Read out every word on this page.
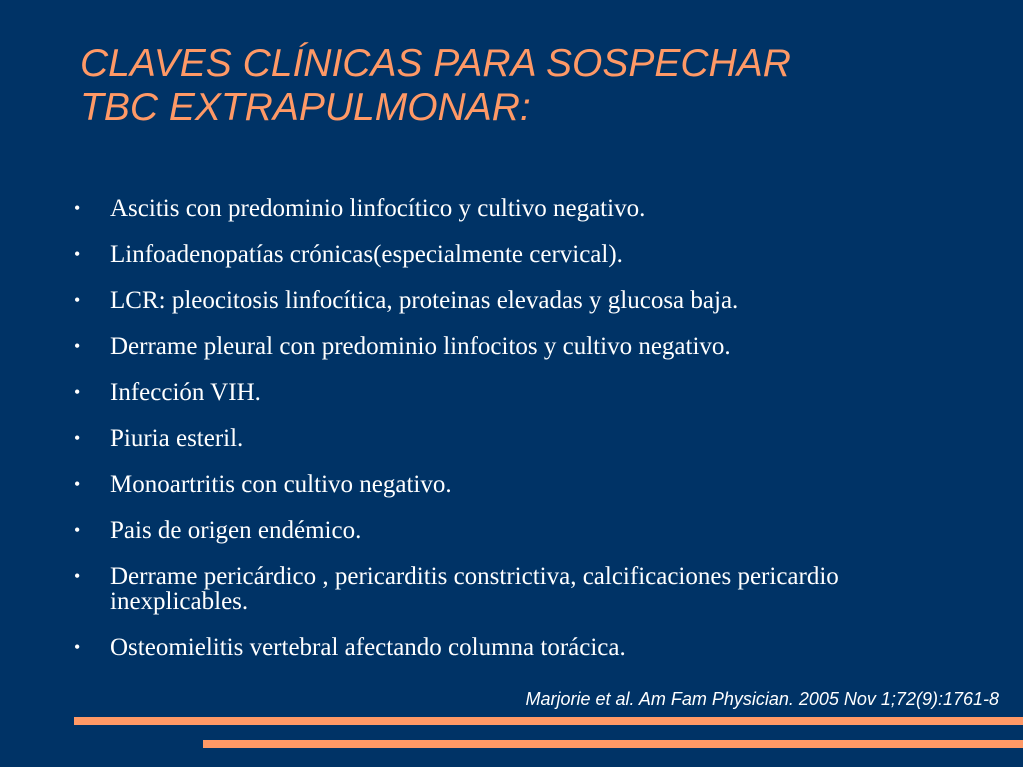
CLAVES CLÍNICAS PARA SOSPECHAR
TBC EXTRAPULMONAR:
• Ascitis con predominio linfocítico y cultivo negativo.
• Linfoadenopatías crónicas(especialmente cervical).
• LCR: pleocitosis linfocítica, proteinas elevadas y glucosa baja.
• Derrame pleural con predominio linfocitos y cultivo negativo.
• Infección VIH.
• Piuria esteril.
• Monoartritis con cultivo negativo.
• Pais de origen endémico.
• Derrame pericárdico , pericarditis constrictiva, calcificaciones pericardio inexplicables.
• Osteomielitis vertebral afectando columna torácica.
Marjorie et al. Am Fam Physician. 2005 Nov 1;72(9):1761-8
